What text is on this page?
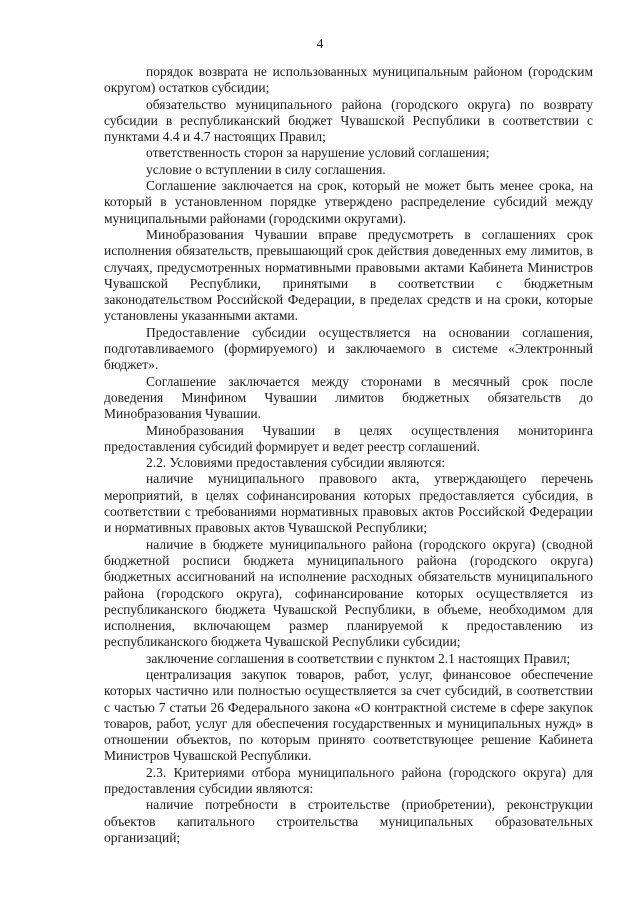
4

порядок возврата не использованных муниципальным районом (городским округом) остатков субсидии;

обязательство муниципального района (городского округа) по возврату субсидии в республиканский бюджет Чувашской Республики в соответствии с пунктами 4.4 и 4.7 настоящих Правил;

ответственность сторон за нарушение условий соглашения;

условие о вступлении в силу соглашения.

Соглашение заключается на срок, который не может быть менее срока, на который в установленном порядке утверждено распределение субсидий между муниципальными районами (городскими округами).

Минобразования Чувашии вправе предусмотреть в соглашениях срок исполнения обязательств, превышающий срок действия доведенных ему лимитов, в случаях, предусмотренных нормативными правовыми актами Кабинета Министров Чувашской Республики, принятыми в соответствии с бюджетным законодательством Российской Федерации, в пределах средств и на сроки, которые установлены указанными актами.

Предоставление субсидии осуществляется на основании соглашения, подготавливаемого (формируемого) и заключаемого в системе «Электронный бюджет».

Соглашение заключается между сторонами в месячный срок после доведения Минфином Чувашии лимитов бюджетных обязательств до Минобразования Чувашии.

Минобразования Чувашии в целях осуществления мониторинга предоставления субсидий формирует и ведет реестр соглашений.

2.2. Условиями предоставления субсидии являются:

наличие муниципального правового акта, утверждающего перечень мероприятий, в целях софинансирования которых предоставляется субсидия, в соответствии с требованиями нормативных правовых актов Российской Федерации и нормативных правовых актов Чувашской Республики;

наличие в бюджете муниципального района (городского округа) (сводной бюджетной росписи бюджета муниципального района (городского округа) бюджетных ассигнований на исполнение расходных обязательств муниципального района (городского округа), софинансирование которых осуществляется из республиканского бюджета Чувашской Республики, в объеме, необходимом для исполнения, включающем размер планируемой к предоставлению из республиканского бюджета Чувашской Республики субсидии;

заключение соглашения в соответствии с пунктом 2.1 настоящих Правил;

централизация закупок товаров, работ, услуг, финансовое обеспечение которых частично или полностью осуществляется за счет субсидий, в соответствии с частью 7 статьи 26 Федерального закона «О контрактной системе в сфере закупок товаров, работ, услуг для обеспечения государственных и муниципальных нужд» в отношении объектов, по которым принято соответствующее решение Кабинета Министров Чувашской Республики.

2.3. Критериями отбора муниципального района (городского округа) для предоставления субсидии являются:

наличие потребности в строительстве (приобретении), реконструкции объектов капитального строительства муниципальных образовательных организаций;
